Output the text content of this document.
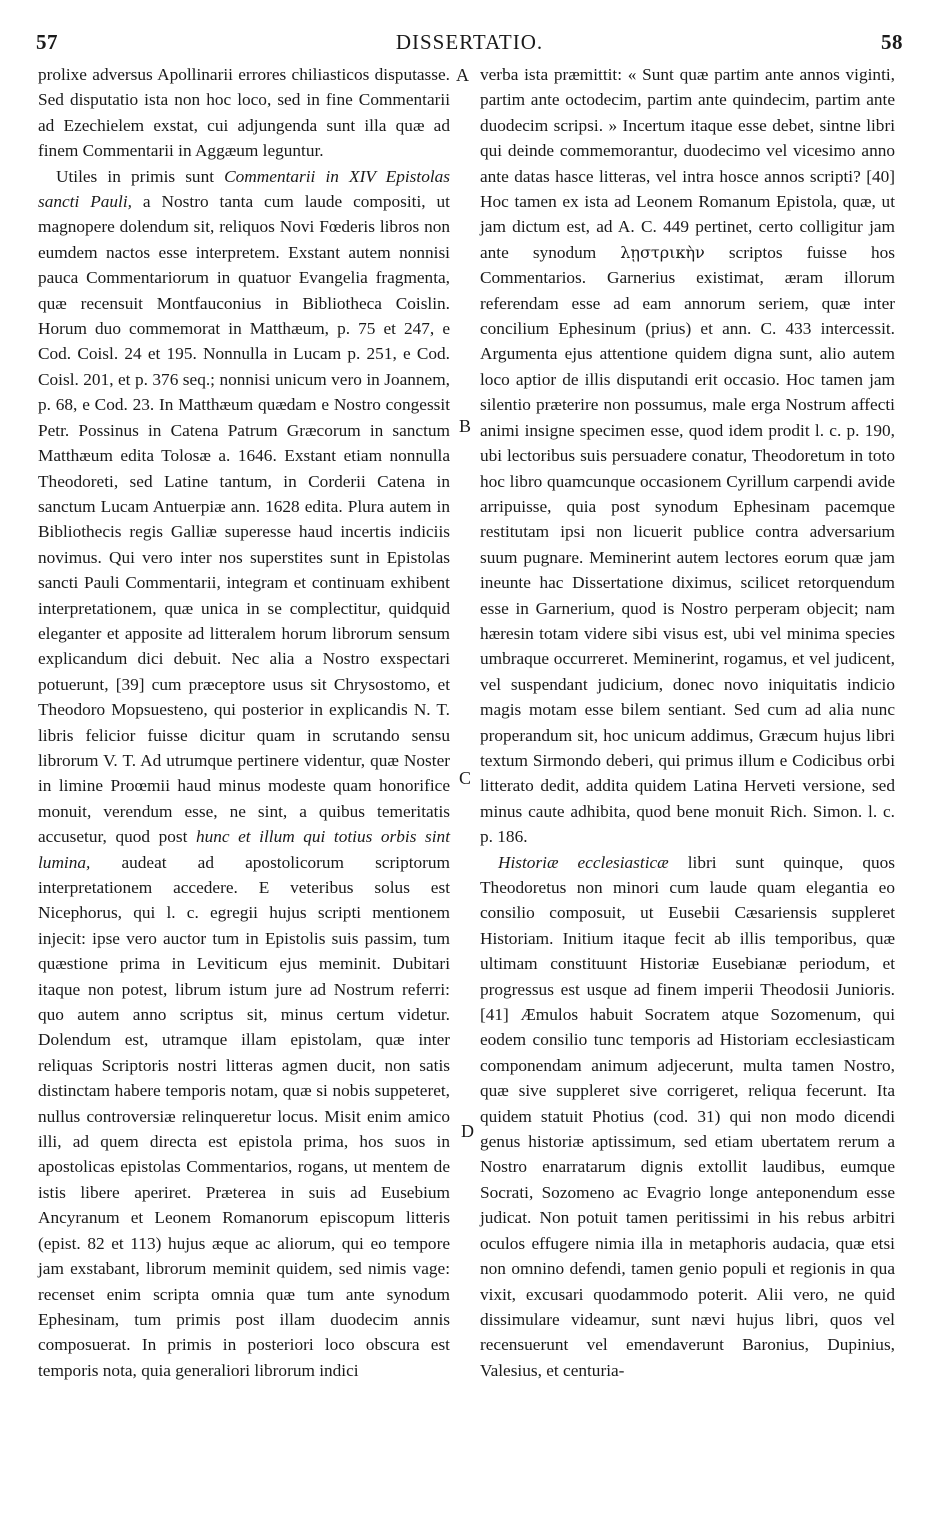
57	DISSERTATIO.	58

prolixe adversus Apollinarii errores chiliasticos disputasse. Sed disputatio ista non hoc loco, sed in fine Commentarii ad Ezechielem exstat, cui adjungenda sunt illa quæ ad finem Commentarii in Aggæum leguntur.

Utiles in primis sunt Commentarii in XIV Epistolas sancti Pauli, a Nostro tanta cum laude compositi, ut magnopere dolendum sit, reliquos Novi Fœderis libros non eumdem nactos esse interpretem. Exstant autem nonnisi pauca Commentariorum in quatuor Evangelia fragmenta, quæ recensuit Montfauconius in Bibliotheca Coislin. Horum duo commemorat in Matthæum, p. 75 et 247, e Cod. Coisl. 24 et 195. Nonnulla in Lucam p. 251, e Cod. Coisl. 201, et p. 376 seq.; nonnisi unicum vero in Joannem, p. 68, e Cod. 23. In Matthæum quædam e Nostro congessit Petr. Possinus in Catena Patrum Græcorum in sanctum Matthæum edita Tolosæ a. 1646. Exstant etiam nonnulla Theodoreti, sed Latine tantum, in Corderii Catena in sanctum Lucam Antuerpiæ ann. 1628 edita. Plura autem in Bibliothecis regis Galliæ superesse haud incertis indiciis novimus. Qui vero inter nos superstites sunt in Epistolas sancti Pauli Commentarii, integram et continuam exhibent interpretationem, quæ unica in se complectitur, quidquid eleganter et apposite ad litteralem horum librorum sensum explicandum dici debuit. Nec alia a Nostro exspectari potuerunt, [39] cum præceptore usus sit Chrysostomo, et Theodoro Mopsuesteno, qui posterior in explicandis N. T. libris felicior fuisse dicitur quam in scrutando sensu librorum V. T. Ad utrumque pertinere videntur, quæ Noster in limine Proœmii haud minus modeste quam honorifice monuit, verendum esse, ne sint, a quibus temeritatis accusetur, quod post hunc et illum qui totius orbis sint lumina, audeat ad apostolicorum scriptorum interpretationem accedere. E veteribus solus est Nicephorus, qui l. c. egregii hujus scripti mentionem injecit: ipse vero auctor tum in Epistolis suis passim, tum quæstione prima in Leviticum ejus meminit. Dubitari itaque non potest, librum istum jure ad Nostrum referri: quo autem anno scriptus sit, minus certum videtur. Dolendum est, utramque illam epistolam, quæ inter reliquas Scriptoris nostri litteras agmen ducit, non satis distinctam habere temporis notam, quæ si nobis suppeteret, nullus controversiæ relinqueretur locus. Misit enim amico illi, ad quem directa est epistola prima, hos suos in apostolicas epistolas Commentarios, rogans, ut mentem de istis libere aperiret. Præterea in suis ad Eusebium Ancyranum et Leonem Romanorum episcopum litteris (epist. 82 et 113) hujus æque ac aliorum, qui eo tempore jam exstabant, librorum meminit quidem, sed nimis vage: recenset enim scripta omnia quæ tum ante synodum Ephesinam, tum primis post illam duodecim annis composuerat. In primis in posteriori loco obscura est temporis nota, quia generaliori librorum indici

A
B
C
D

verba ista præmittit: « Sunt quæ partim ante annos viginti, partim ante octodecim, partim ante quindecim, partim ante duodecim scripsi. » Incertum itaque esse debet, sintne libri qui deinde commemorantur, duodecimo vel vicesimo anno ante datas hasce litteras, vel intra hosce annos scripti? [40] Hoc tamen ex ista ad Leonem Romanum Epistola, quæ, ut jam dictum est, ad A. C. 449 pertinet, certo colligitur jam ante synodum λῃστρικὴν scriptos fuisse hos Commentarios. Garnerius existimat, æram illorum referendam esse ad eam annorum seriem, quæ inter concilium Ephesinum (prius) et ann. C. 433 intercessit. Argumenta ejus attentione quidem digna sunt, alio autem loco aptior de illis disputandi erit occasio. Hoc tamen jam silentio præterire non possumus, male erga Nostrum affecti animi insigne specimen esse, quod idem prodit l. c. p. 190, ubi lectoribus suis persuadere conatur, Theodoretum in toto hoc libro quamcunque occasionem Cyrillum carpendi avide arripuisse, quia post synodum Ephesinam pacemque restitutam ipsi non licuerit publice contra adversarium suum pugnare. Meminerint autem lectores eorum quæ jam ineunte hac Dissertatione diximus, scilicet retorquendum esse in Garnerium, quod is Nostro perperam objecit; nam hæresin totam videre sibi visus est, ubi vel minima species umbraque occurreret. Meminerint, rogamus, et vel judicent, vel suspendant judicium, donec novo iniquitatis indicio magis motam esse bilem sentiant. Sed cum ad alia nunc properandum sit, hoc unicum addimus, Græcum hujus libri textum Sirmondo deberi, qui primus illum e Codicibus orbi litterato dedit, addita quidem Latina Herveti versione, sed minus caute adhibita, quod bene monuit Rich. Simon. l. c. p. 186.

Historiæ ecclesiasticæ libri sunt quinque, quos Theodoretus non minori cum laude quam elegantia eo consilio composuit, ut Eusebii Cæsariensis suppleret Historiam. Initium itaque fecit ab illis temporibus, quæ ultimam constituunt Historiæ Eusebianæ periodum, et progressus est usque ad finem imperii Theodosii Junioris. [41] Æmulos habuit Socratem atque Sozomenum, qui eodem consilio tunc temporis ad Historiam ecclesiasticam componendam animum adjecerunt, multa tamen Nostro, quæ sive suppleret sive corrigeret, reliqua fecerunt. Ita quidem statuit Photius (cod. 31) qui non modo dicendi genus historiæ aptissimum, sed etiam ubertatem rerum a Nostro enarratarum dignis extollit laudibus, eumque Socrati, Sozomeno ac Evagrio longe anteponendum esse judicat. Non potuit tamen peritissimi in his rebus arbitri oculos effugere nimia illa in metaphoris audacia, quæ etsi non omnino defendi, tamen genio populi et regionis in qua vixit, excusari quodammodo poterit. Alii vero, ne quid dissimulare videamur, sunt nævi hujus libri, quos vel recensuerunt vel emendaverunt Baronius, Dupinius, Valesius, et centuria-
